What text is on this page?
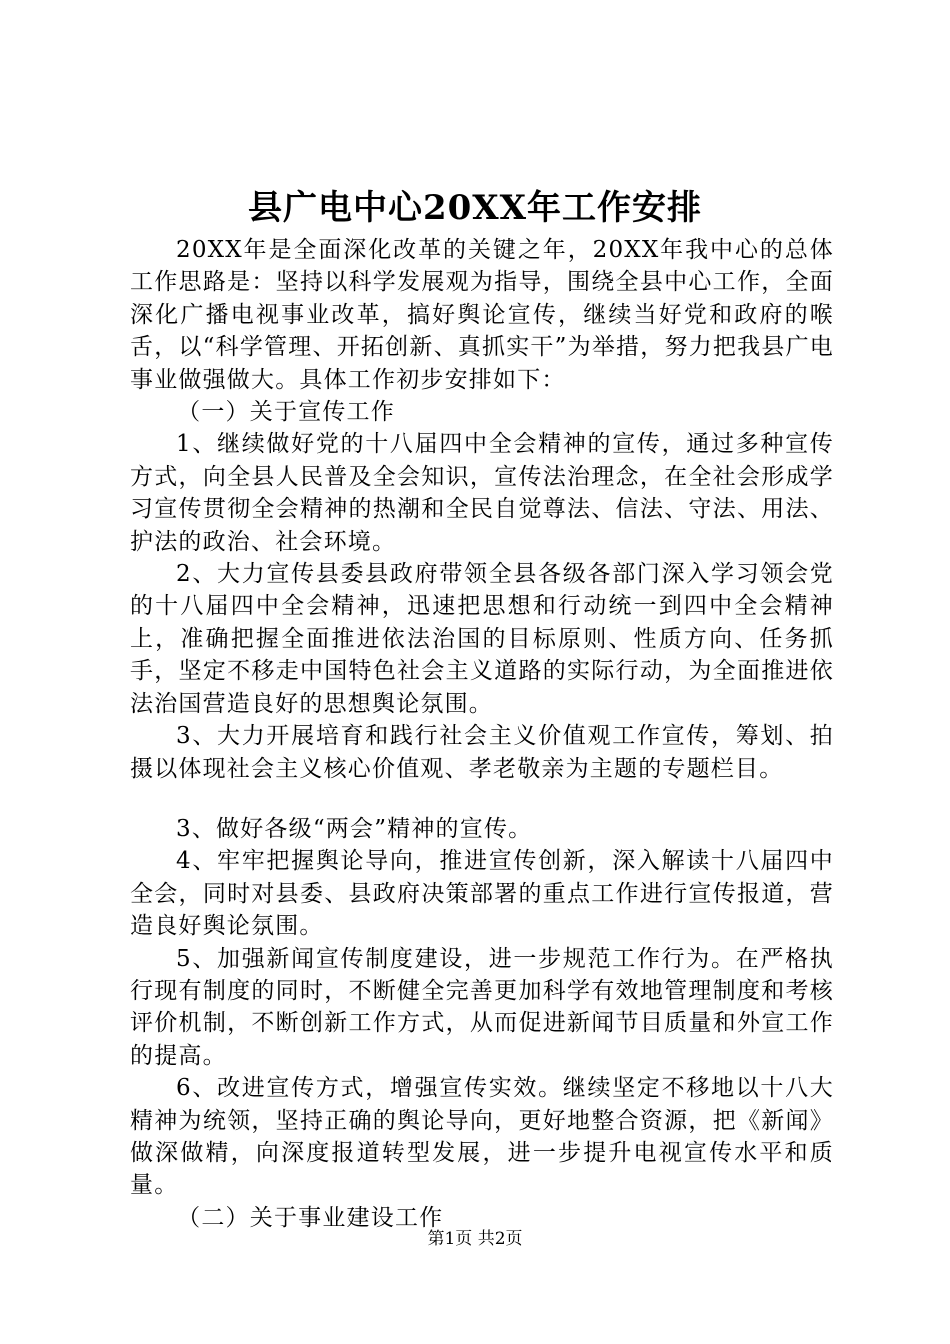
县广电中心20XX年工作安排

20XX年是全面深化改革的关键之年，20XX年我中心的总体工作思路是：坚持以科学发展观为指导，围绕全县中心工作，全面深化广播电视事业改革，搞好舆论宣传，继续当好党和政府的喉舌，以“科学管理、开拓创新、真抓实干”为举措，努力把我县广电事业做强做大。具体工作初步安排如下：

（一）关于宣传工作

1、继续做好党的十八届四中全会精神的宣传，通过多种宣传方式，向全县人民普及全会知识，宣传法治理念，在全社会形成学习宣传贯彻全会精神的热潮和全民自觉尊法、信法、守法、用法、护法的政治、社会环境。

2、大力宣传县委县政府带领全县各级各部门深入学习领会党的十八届四中全会精神，迅速把思想和行动统一到四中全会精神上，准确把握全面推进依法治国的目标原则、性质方向、任务抓手，坚定不移走中国特色社会主义道路的实际行动，为全面推进依法治国营造良好的思想舆论氛围。

3、大力开展培育和践行社会主义价值观工作宣传，筹划、拍摄以体现社会主义核心价值观、孝老敬亲为主题的专题栏目。

3、做好各级“两会”精神的宣传。

4、牢牢把握舆论导向，推进宣传创新，深入解读十八届四中全会，同时对县委、县政府决策部署的重点工作进行宣传报道，营造良好舆论氛围。

5、加强新闻宣传制度建设，进一步规范工作行为。在严格执行现有制度的同时，不断健全完善更加科学有效地管理制度和考核评价机制，不断创新工作方式，从而促进新闻节目质量和外宣工作的提高。

6、改进宣传方式，增强宣传实效。继续坚定不移地以十八大精神为统领，坚持正确的舆论导向，更好地整合资源，把《新闻》做深做精，向深度报道转型发展，进一步提升电视宣传水平和质量。

（二）关于事业建设工作

第1页 共2页
